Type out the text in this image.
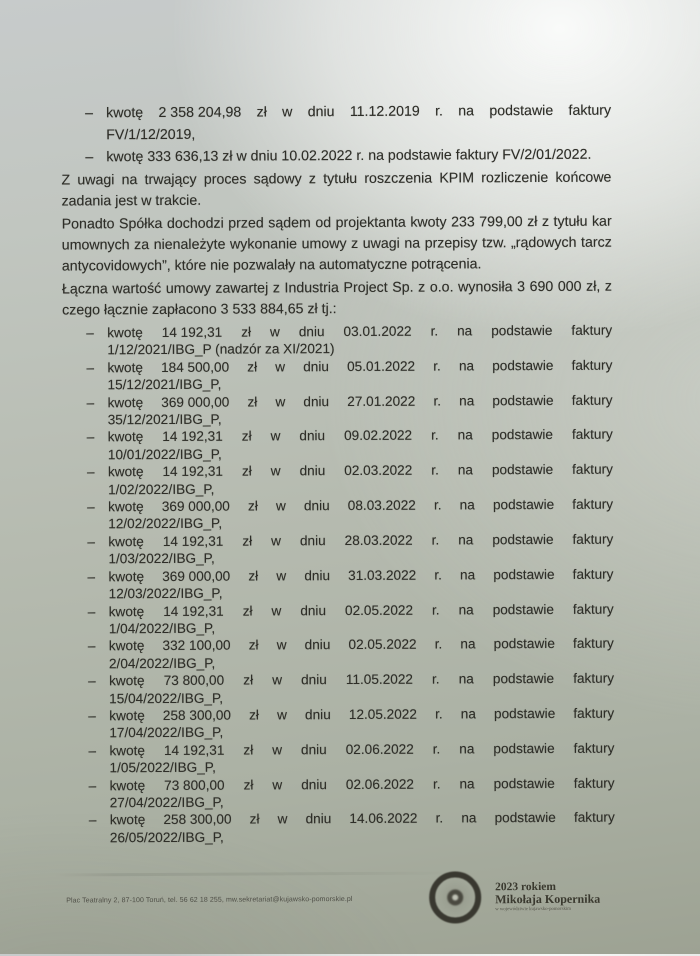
– kwotę 2 358 204,98 zł w dniu 11.12.2019 r. na podstawie faktury
FV/1/12/2019,
– kwotę 333 636,13 zł w dniu 10.02.2022 r. na podstawie faktury FV/2/01/2022.

Z uwagi na trwający proces sądowy z tytułu roszczenia KPIM rozliczenie końcowe zadania jest w trakcie.

Ponadto Spółka dochodzi przed sądem od projektanta kwoty 233 799,00 zł z tytułu kar umownych za nienależyte wykonanie umowy z uwagi na przepisy tzw. „rądowych tarcz antycovidowych”, które nie pozwalały na automatyczne potrącenia.

Łączna wartość umowy zawartej z Industria Project Sp. z o.o. wynosiła 3 690 000 zł, z czego łącznie zapłacono 3 533 884,65 zł tj.:

– kwotę 14 192,31 zł w dniu 03.01.2022 r. na podstawie faktury
1/12/2021/IBG_P (nadzór za XI/2021)
– kwotę 184 500,00 zł w dniu 05.01.2022 r. na podstawie faktury
15/12/2021/IBG_P,
– kwotę 369 000,00 zł w dniu 27.01.2022 r. na podstawie faktury
35/12/2021/IBG_P,
– kwotę 14 192,31 zł w dniu 09.02.2022 r. na podstawie faktury
10/01/2022/IBG_P,
– kwotę 14 192,31 zł w dniu 02.03.2022 r. na podstawie faktury
1/02/2022/IBG_P,
– kwotę 369 000,00 zł w dniu 08.03.2022 r. na podstawie faktury
12/02/2022/IBG_P,
– kwotę 14 192,31 zł w dniu 28.03.2022 r. na podstawie faktury
1/03/2022/IBG_P,
– kwotę 369 000,00 zł w dniu 31.03.2022 r. na podstawie faktury
12/03/2022/IBG_P,
– kwotę 14 192,31 zł w dniu 02.05.2022 r. na podstawie faktury
1/04/2022/IBG_P,
– kwotę 332 100,00 zł w dniu 02.05.2022 r. na podstawie faktury
2/04/2022/IBG_P,
– kwotę 73 800,00 zł w dniu 11.05.2022 r. na podstawie faktury
15/04/2022/IBG_P,
– kwotę 258 300,00 zł w dniu 12.05.2022 r. na podstawie faktury
17/04/2022/IBG_P,
– kwotę 14 192,31 zł w dniu 02.06.2022 r. na podstawie faktury
1/05/2022/IBG_P,
– kwotę 73 800,00 zł w dniu 02.06.2022 r. na podstawie faktury
27/04/2022/IBG_P,
– kwotę 258 300,00 zł w dniu 14.06.2022 r. na podstawie faktury
26/05/2022/IBG_P,
Plac Teatralny 2, 87-100 Toruń, tel. 56 62 18 255, mw.sekretariat@kujawsko-pomorskie.pl
2023 rokiem
Mikołaja Kopernika
w województwie kujawsko-pomorskim
